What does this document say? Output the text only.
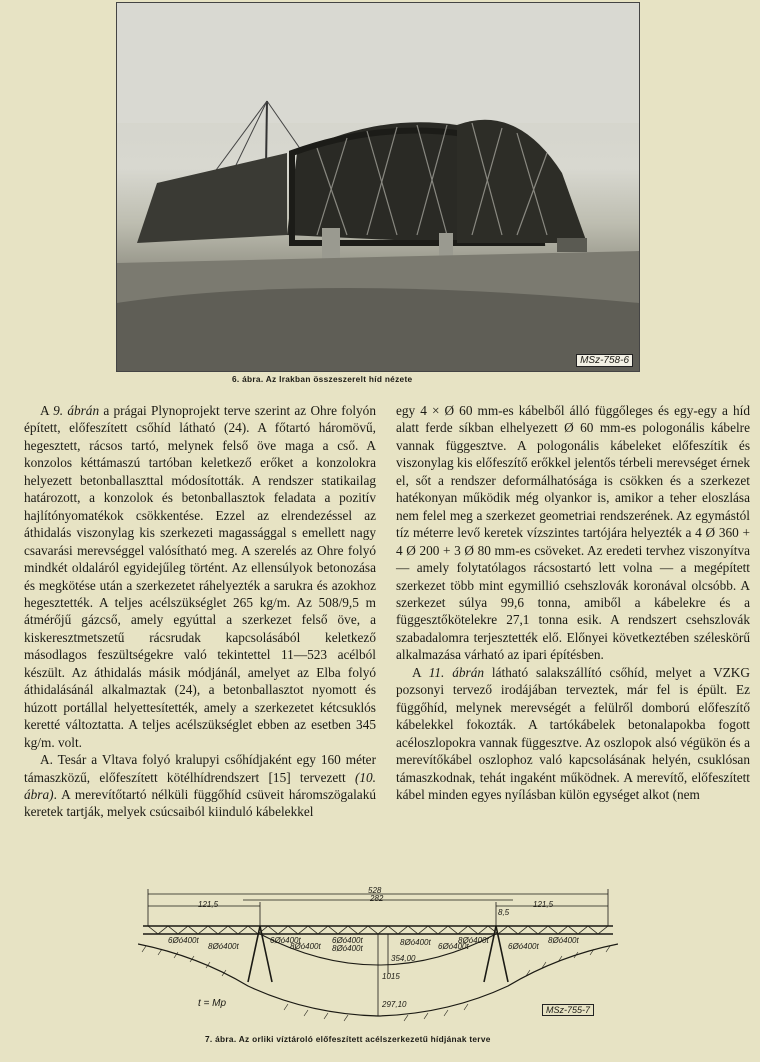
MSz-758-6
6. ábra. Az Irakban összeszerelt híd nézete

A 9. ábrán a prágai Plynoprojekt terve szerint az Ohre folyón épített, előfeszített csőhíd látható (24). A főtartó háromövű, hegesztett, rácsos tartó, melynek felső öve maga a cső. A konzolos kéttámaszú tartóban keletkező erőket a konzolokra helyezett betonballaszttal módosították. A rendszer statikailag határozott, a konzolok és betonballasztok feladata a pozitív hajlítónyomatékok csökkentése. Ezzel az elrendezéssel az áthidalás viszonylag kis szerkezeti magassággal s emellett nagy csavarási merevséggel valósítható meg. A szerelés az Ohre folyó mindkét oldaláról egyidejűleg történt. Az ellensúlyok betonozása és megkötése után a szerkezetet ráhelyezték a sarukra és azokhoz hegesztették. A teljes acélszükséglet 265 kg/m. Az 508/9,5 m átmérőjű gázcső, amely egyúttal a szerkezet felső öve, a kiskeresztmetszetű rácsrudak kapcsolásából keletkező másodlagos feszültségekre való tekintettel 11—523 acélból készült. Az áthidalás másik módjánál, amelyet az Elba folyó áthidalásánál alkalmaztak (24), a betonballasztot nyomott és húzott portállal helyettesítették, amely a szerkezetet kétcsuklós keretté változtatta. A teljes acélszükséglet ebben az esetben 345 kg/m. volt.

A. Tesár a Vltava folyó kralupyi csőhídjaként egy 160 méter támaszközű, előfeszített kötélhídrendszert [15] tervezett (10. ábra). A merevítőtartó nélküli függőhíd csüveit háromszögalakú keretek tartják, melyek csúcsaiból kiinduló kábelekkel

egy 4 × Ø 60 mm-es kábelből álló függőleges és egy-egy a híd alatt ferde síkban elhelyezett Ø 60 mm-es pologonális kábelre vannak függesztve. A pologonális kábeleket előfeszítik és viszonylag kis előfeszítő erőkkel jelentős térbeli merevséget érnek el, sőt a rendszer deformálhatósága is csökken és a szerkezet hatékonyan működik még olyankor is, amikor a teher eloszlása nem felel meg a szerkezet geometriai rendszerének. Az egymástól tíz méterre levő keretek vízszintes tartójára helyezték a 4 Ø 360 + 4 Ø 200 + 3 Ø 80 mm-es csöveket. Az eredeti tervhez viszonyítva — amely folytatólagos rácsostartó lett volna — a megépített szerkezet több mint egymillió csehszlovák koronával olcsóbb. A szerkezet súlya 99,6 tonna, amiből a kábelekre és a függesztőkötelekre 27,1 tonna esik. A rendszert csehszlovák szabadalomra terjesztették elő. Előnyei következtében széleskörű alkalmazása várható az ipari építésben.

A 11. ábrán látható salakszállító csőhíd, melyet a VZKG pozsonyi tervező irodájában terveztek, már fel is épült. Ez függőhíd, melynek merevségét a felülről domború előfeszítő kábelekkel fokozták. A tartókábelek betonalapokba fogott acéloszlopokra vannak függesztve. Az oszlopok alsó végükön és a merevítőkábel oszlophoz való kapcsolásának helyén, csuklósan támaszkodnak, tehát ingaként működnek. A merevítő, előfeszített kábel minden egyes nyílásban külön egységet alkot (nem

528
282
121,5	121,5
8,5
354,00
1015
297,10
6Øó400t
8Øó400t
6Øó400t
8Øó400t
6Øó400t
8Øó400t
8Øó400t 6Øó400t
8Øó400t
6Øó400t
8Øó400t
t = Mp
MSz-755-7
7. ábra. Az orliki víztároló előfeszített acélszerkezetű hídjának terve
